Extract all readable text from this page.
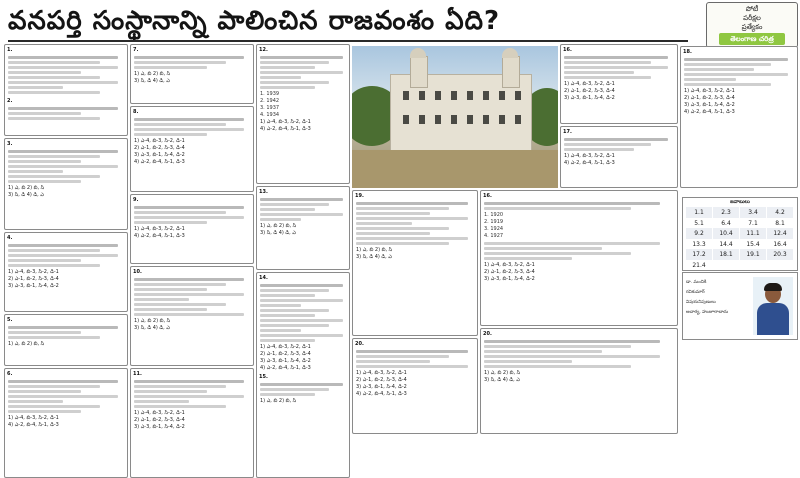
వనపర్తి సంస్థానాన్ని పాలించిన రాజవంశం ఏది?	పోటీ
పరీక్షల
ప్రత్యేకం
తెలంగాణ చరిత్ర
1.
2.
3.
1) ఎ, బి 2) బి, సి
3) సి, డి 4) డి, ఎ
4.
1) ఎ-4, బి-3, సి-2, డి-1
2) ఎ-1, బి-2, సి-3, డి-4
3) ఎ-3, బి-1, సి-4, డి-2
5.
1) ఎ, బి 2) బి, సి
6.
1) ఎ-4, బి-3, సి-2, డి-1
4) ఎ-2, బి-4, సి-1, డి-3
7.
1) ఎ, బి 2) బి, సి
3) సి, డి 4) డి, ఎ
8.
1) ఎ-4, బి-3, సి-2, డి-1
2) ఎ-1, బి-2, సి-3, డి-4
3) ఎ-3, బి-1, సి-4, డి-2
4) ఎ-2, బి-4, సి-1, డి-3
9.
1) ఎ-4, బి-3, సి-2, డి-1
4) ఎ-2, బి-4, సి-1, డి-3
10.
1) ఎ, బి 2) బి, సి
3) సి, డి 4) డి, ఎ
11.
1) ఎ-4, బి-3, సి-2, డి-1
2) ఎ-1, బి-2, సి-3, డి-4
3) ఎ-3, బి-1, సి-4, డి-2
12.
1. 1939
2. 1942
3. 1937
4. 1934
1) ఎ-4, బి-3, సి-2, డి-1
4) ఎ-2, బి-4, సి-1, డి-3
13.
1) ఎ, బి 2) బి, సి
3) సి, డి 4) డి, ఎ
14.
1) ఎ-4, బి-3, సి-2, డి-1
2) ఎ-1, బి-2, సి-3, డి-4
3) ఎ-3, బి-1, సి-4, డి-2
4) ఎ-2, బి-4, సి-1, డి-3
15.
1) ఎ, బి 2) బి, సి
16.
1) ఎ-4, బి-3, సి-2, డి-1
2) ఎ-1, బి-2, సి-3, డి-4
3) ఎ-3, బి-1, సి-4, డి-2
17.
1) ఎ-4, బి-3, సి-2, డి-1
4) ఎ-2, బి-4, సి-1, డి-3
18.
1) ఎ-4, బి-3, సి-2, డి-1
2) ఎ-1, బి-2, సి-3, డి-4
3) ఎ-3, బి-1, సి-4, డి-2
4) ఎ-2, బి-4, సి-1, డి-3
19.
1) ఎ, బి 2) బి, సి
3) సి, డి 4) డి, ఎ
20.
1) ఎ-4, బి-3, సి-2, డి-1
2) ఎ-1, బి-2, సి-3, డి-4
3) ఎ-3, బి-1, సి-4, డి-2
4) ఎ-2, బి-4, సి-1, డి-3
16.
1. 1920
2. 1919
3. 1924
4. 1927
1) ఎ-4, బి-3, సి-2, డి-1
2) ఎ-1, బి-2, సి-3, డి-4
3) ఎ-3, బి-1, సి-4, డి-2
20.
1) ఎ, బి 2) బి, సి
3) సి, డి 4) డి, ఎ
జవాబులు
1.1	2.3	3.4	4.2
5.1	6.4	7.1	8.1
9.2	10.4	11.1	12.4
13.3	14.4	15.4	16.4
17.2	18.1	19.1	20.3
21.4
డా. మంచికి
రవికుమార్
విషయనిపుణులు
ఆచార్య, హుజూరాబాదు
